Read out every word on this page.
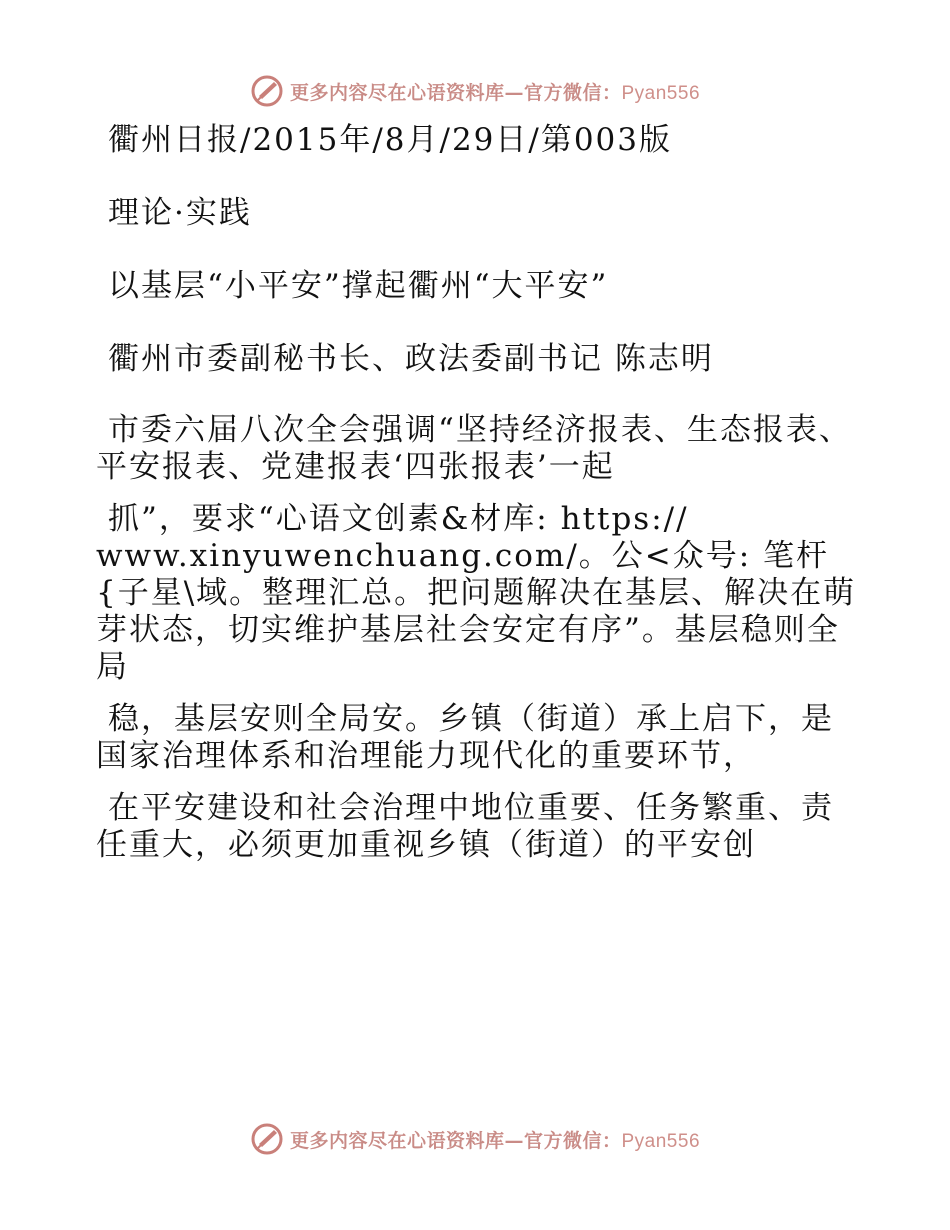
更多内容尽在心语资料库—官方微信：Pyan556

衢州日报/2015年/8月/29日/第003版

理论·实践

以基层“小平安”撑起衢州“大平安”

衢州市委副秘书长、政法委副书记 陈志明

市委六届八次全会强调“坚持经济报表、生态报表、平安报表、党建报表‘四张报表’一起

抓”，要求“心语文创素&材库: https:// www.xinyuwenchuang.com/。公<众号: 笔杆{子星\域。整理汇总。把问题解决在基层、解决在萌芽状态，切实维护基层社会安定有序”。基层稳则全局

稳，基层安则全局安。乡镇（街道）承上启下，是国家治理体系和治理能力现代化的重要环节，

在平安建设和社会治理中地位重要、任务繁重、责任重大，必须更加重视乡镇（街道）的平安创

更多内容尽在心语资料库—官方微信：Pyan556
